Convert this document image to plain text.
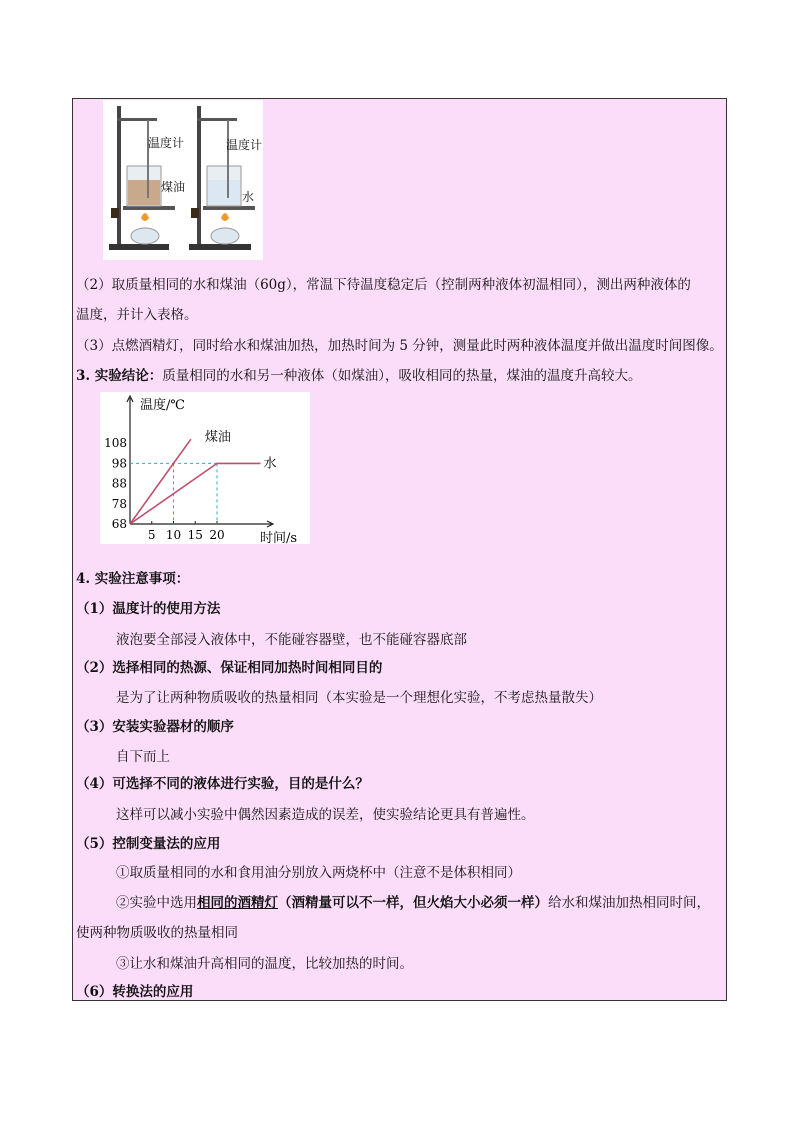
温度计
煤油
温度计
水
（2）取质量相同的水和煤油（60g），常温下待温度稳定后（控制两种液体初温相同），测出两种液体的
温度，并计入表格。
（3）点燃酒精灯，同时给水和煤油加热，加热时间为 5 分钟，测量此时两种液体温度并做出温度时间图像。
3. 实验结论：质量相同的水和另一种液体（如煤油），吸收相同的热量，煤油的温度升高较大。
温度/℃
时间/s
108
98
88
78
68
5 10 15 20
煤油
水
4. 实验注意事项：
（1）温度计的使用方法
液泡要全部浸入液体中，不能碰容器壁，也不能碰容器底部
（2）选择相同的热源、保证相同加热时间相同目的
是为了让两种物质吸收的热量相同（本实验是一个理想化实验，不考虑热量散失）
（3）安装实验器材的顺序
自下而上
（4）可选择不同的液体进行实验，目的是什么？
这样可以减小实验中偶然因素造成的误差，使实验结论更具有普遍性。
（5）控制变量法的应用
①取质量相同的水和食用油分别放入两烧杯中（注意不是体积相同）
②实验中选用相同的酒精灯（酒精量可以不一样，但火焰大小必须一样）给水和煤油加热相同时间，
使两种物质吸收的热量相同
③让水和煤油升高相同的温度，比较加热的时间。
（6）转换法的应用
